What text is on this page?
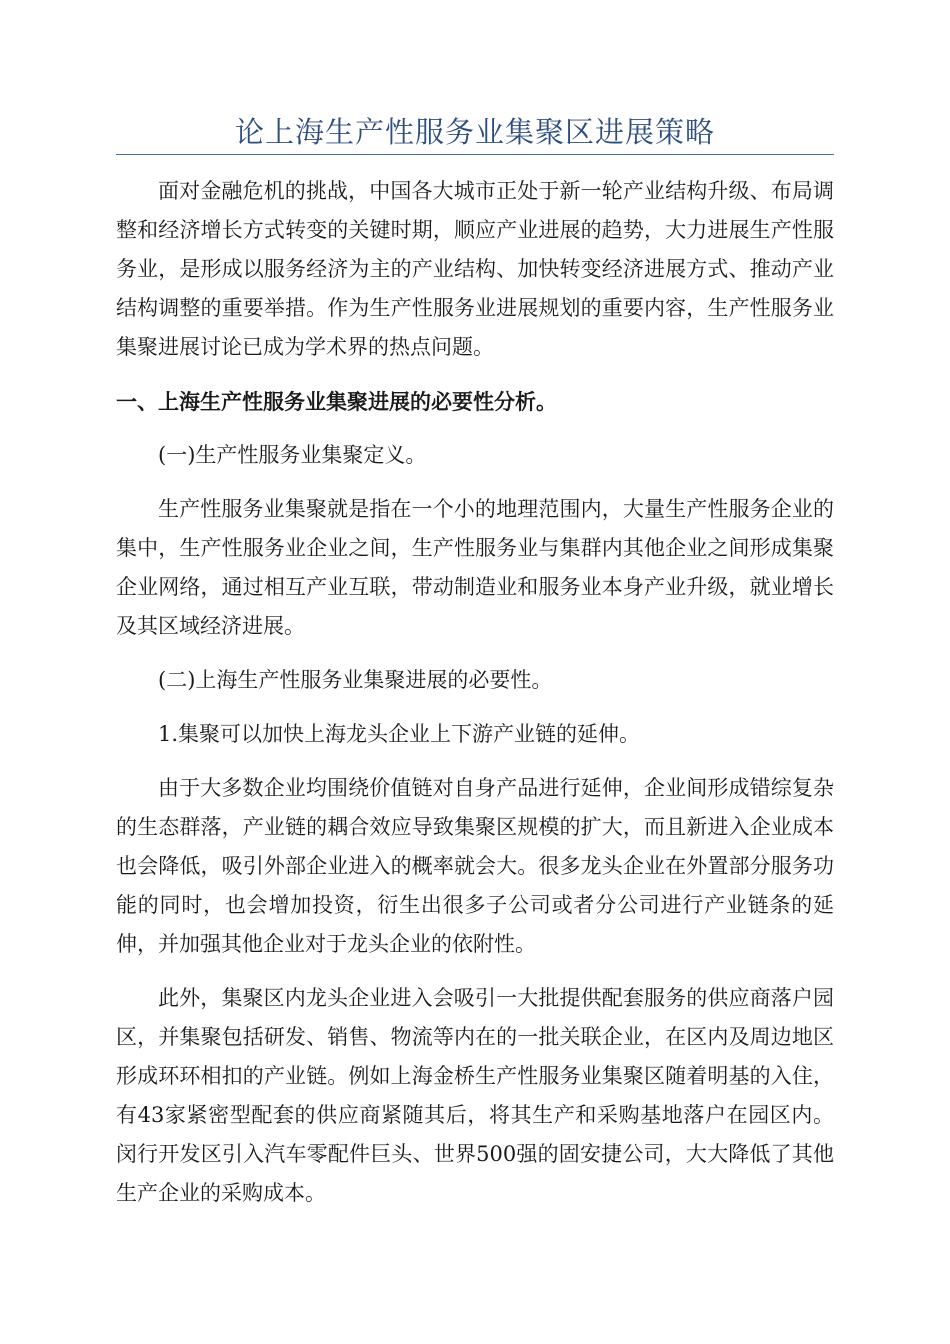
论上海生产性服务业集聚区进展策略

面对金融危机的挑战，中国各大城市正处于新一轮产业结构升级、布局调整和经济增长方式转变的关键时期，顺应产业进展的趋势，大力进展生产性服务业，是形成以服务经济为主的产业结构、加快转变经济进展方式、推动产业结构调整的重要举措。作为生产性服务业进展规划的重要内容，生产性服务业集聚进展讨论已成为学术界的热点问题。

一、上海生产性服务业集聚进展的必要性分析。

(一)生产性服务业集聚定义。

生产性服务业集聚就是指在一个小的地理范围内，大量生产性服务企业的集中，生产性服务业企业之间，生产性服务业与集群内其他企业之间形成集聚企业网络，通过相互产业互联，带动制造业和服务业本身产业升级，就业增长及其区域经济进展。

(二)上海生产性服务业集聚进展的必要性。

1.集聚可以加快上海龙头企业上下游产业链的延伸。

由于大多数企业均围绕价值链对自身产品进行延伸，企业间形成错综复杂的生态群落，产业链的耦合效应导致集聚区规模的扩大，而且新进入企业成本也会降低，吸引外部企业进入的概率就会大。很多龙头企业在外置部分服务功能的同时，也会增加投资，衍生出很多子公司或者分公司进行产业链条的延伸，并加强其他企业对于龙头企业的依附性。

此外，集聚区内龙头企业进入会吸引一大批提供配套服务的供应商落户园区，并集聚包括研发、销售、物流等内在的一批关联企业，在区内及周边地区形成环环相扣的产业链。例如上海金桥生产性服务业集聚区随着明基的入住，有43家紧密型配套的供应商紧随其后，将其生产和采购基地落户在园区内。闵行开发区引入汽车零配件巨头、世界500强的固安捷公司，大大降低了其他生产企业的采购成本。
